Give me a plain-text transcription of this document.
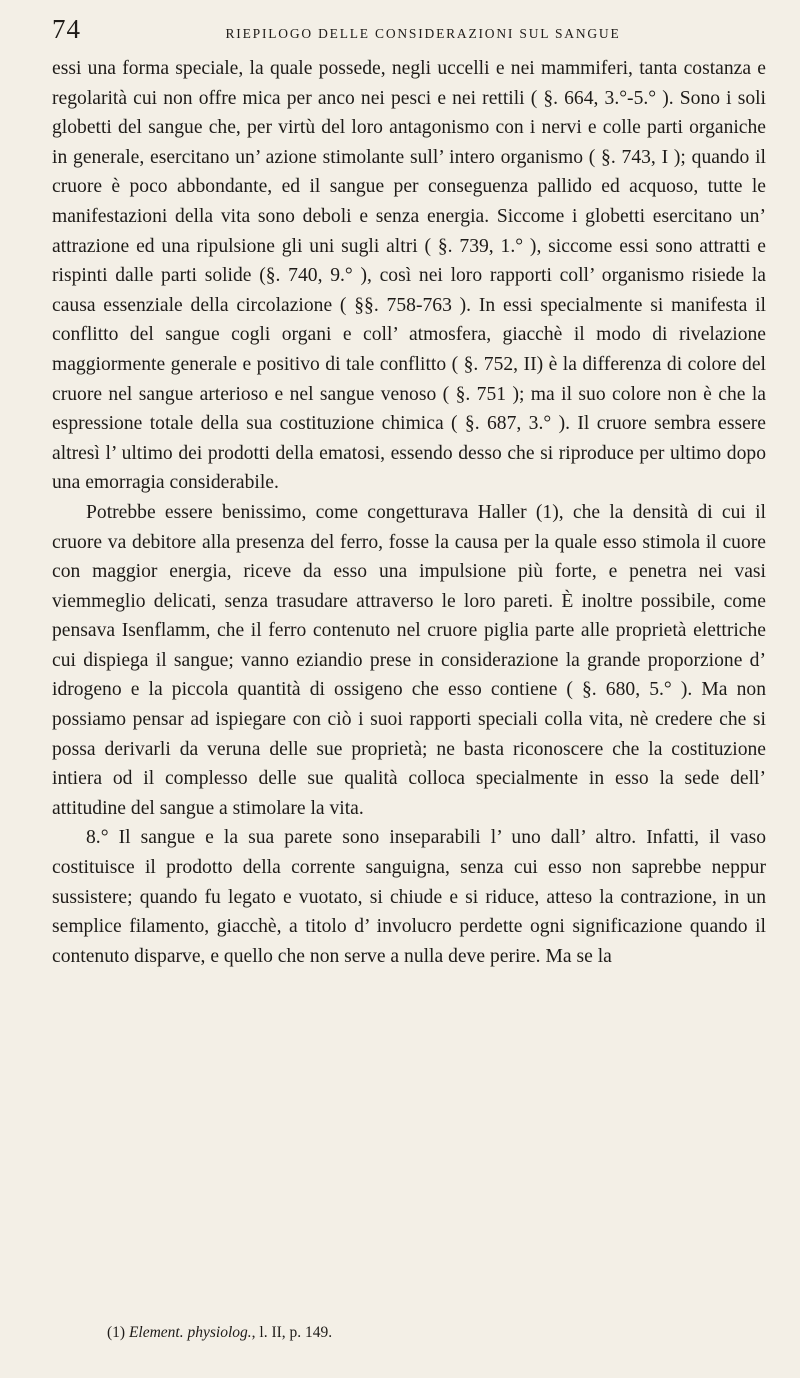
74	RIEPILOGO DELLE CONSIDERAZIONI SUL SANGUE

essi una forma speciale, la quale possede, negli uccelli e nei mammiferi, tanta costanza e regolarità cui non offre mica per anco nei pesci e nei rettili ( §. 664, 3.°-5.° ). Sono i soli globetti del sangue che, per virtù del loro antagonismo con i nervi e colle parti organiche in generale, esercitano un’ azione stimolante sull’ intero organismo ( §. 743, I ); quando il cruore è poco abbondante, ed il sangue per conseguenza pallido ed acquoso, tutte le manifestazioni della vita sono deboli e senza energia. Siccome i globetti esercitano un’ attrazione ed una ripulsione gli uni sugli altri ( §. 739, 1.° ), siccome essi sono attratti e rispinti dalle parti solide (§. 740, 9.° ), così nei loro rapporti coll’ organismo risiede la causa essenziale della circolazione ( §§. 758-763 ). In essi specialmente si manifesta il conflitto del sangue cogli organi e coll’ atmosfera, giacchè il modo di rivelazione maggiormente generale e positivo di tale conflitto ( §. 752, II) è la differenza di colore del cruore nel sangue arterioso e nel sangue venoso ( §. 751 ); ma il suo colore non è che la espressione totale della sua costituzione chimica ( §. 687, 3.° ). Il cruore sembra essere altresì l’ ultimo dei prodotti della ematosi, essendo desso che si riproduce per ultimo dopo una emorragia considerabile.

Potrebbe essere benissimo, come congetturava Haller (1), che la densità di cui il cruore va debitore alla presenza del ferro, fosse la causa per la quale esso stimola il cuore con maggior energia, riceve da esso una impulsione più forte, e penetra nei vasi viemmeglio delicati, senza trasudare attraverso le loro pareti. È inoltre possibile, come pensava Isenflamm, che il ferro contenuto nel cruore piglia parte alle proprietà elettriche cui dispiega il sangue; vanno eziandio prese in considerazione la grande proporzione d’ idrogeno e la piccola quantità di ossigeno che esso contiene ( §. 680, 5.° ). Ma non possiamo pensar ad ispiegare con ciò i suoi rapporti speciali colla vita, nè credere che si possa derivarli da veruna delle sue proprietà; ne basta riconoscere che la costituzione intiera od il complesso delle sue qualità colloca specialmente in esso la sede dell’ attitudine del sangue a stimolare la vita.

8.° Il sangue e la sua parete sono inseparabili l’ uno dall’ altro. Infatti, il vaso costituisce il prodotto della corrente sanguigna, senza cui esso non saprebbe neppur sussistere; quando fu legato e vuotato, si chiude e si riduce, atteso la contrazione, in un semplice filamento, giacchè, a titolo d’ involucro perdette ogni significazione quando il contenuto disparve, e quello che non serve a nulla deve perire. Ma se la

(1) Element. physiolog., l. II, p. 149.
